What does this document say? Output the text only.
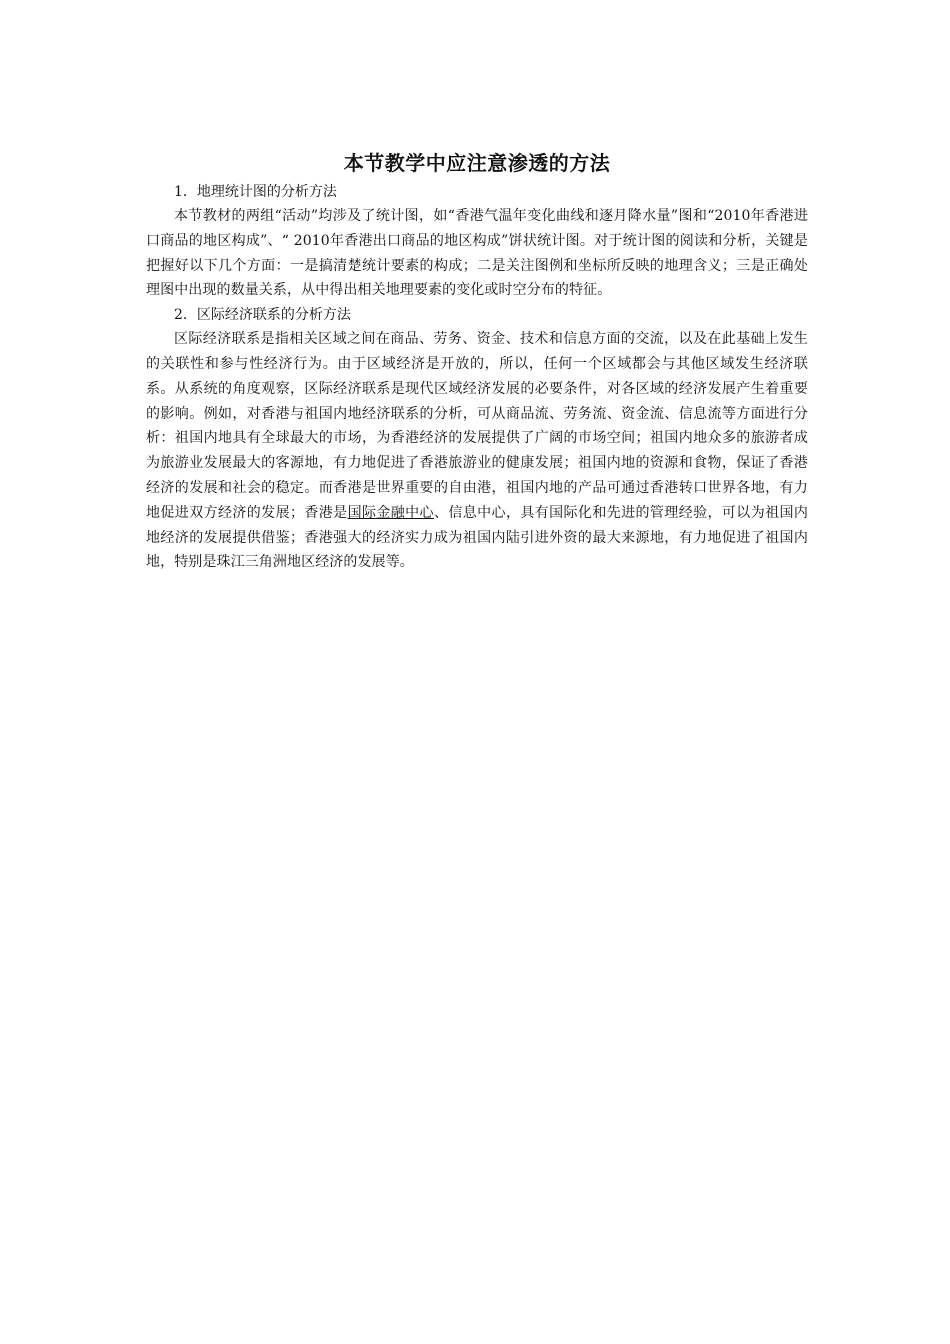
本节教学中应注意渗透的方法

1．地理统计图的分析方法

本节教材的两组“活动”均涉及了统计图，如“香港气温年变化曲线和逐月降水量”图和“2010年香港进口商品的地区构成”、“ 2010年香港出口商品的地区构成”饼状统计图。对于统计图的阅读和分析，关键是把握好以下几个方面：一是搞清楚统计要素的构成；二是关注图例和坐标所反映的地理含义；三是正确处理图中出现的数量关系，从中得出相关地理要素的变化或时空分布的特征。

2．区际经济联系的分析方法

区际经济联系是指相关区域之间在商品、劳务、资金、技术和信息方面的交流，以及在此基础上发生的关联性和参与性经济行为。由于区域经济是开放的，所以，任何一个区域都会与其他区域发生经济联系。从系统的角度观察，区际经济联系是现代区域经济发展的必要条件，对各区域的经济发展产生着重要的影响。例如，对香港与祖国内地经济联系的分析，可从商品流、劳务流、资金流、信息流等方面进行分析：祖国内地具有全球最大的市场，为香港经济的发展提供了广阔的市场空间；祖国内地众多的旅游者成为旅游业发展最大的客源地，有力地促进了香港旅游业的健康发展；祖国内地的资源和食物，保证了香港经济的发展和社会的稳定。而香港是世界重要的自由港，祖国内地的产品可通过香港转口世界各地，有力地促进双方经济的发展；香港是国际金融中心、信息中心，具有国际化和先进的管理经验，可以为祖国内地经济的发展提供借鉴；香港强大的经济实力成为祖国内陆引进外资的最大来源地，有力地促进了祖国内地，特别是珠江三角洲地区经济的发展等。
